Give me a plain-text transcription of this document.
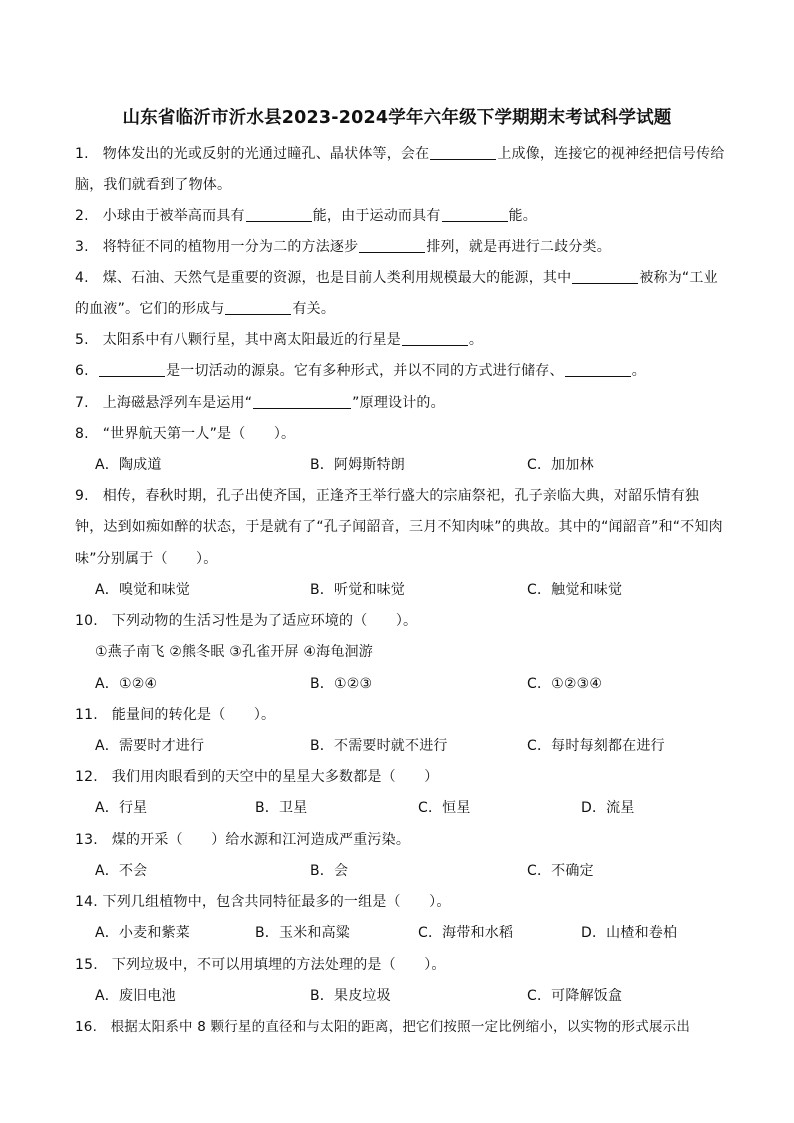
山东省临沂市沂水县2023-2024学年六年级下学期期末考试科学试题
1. 物体发出的光或反射的光通过瞳孔、晶状体等，会在	上成像，连接它的视神经把信号传给
脑，我们就看到了物体。
2. 小球由于被举高而具有	能，由于运动而具有	能。
3. 将特征不同的植物用一分为二的方法逐步	排列，就是再进行二歧分类。
4. 煤、石油、天然气是重要的资源，也是目前人类利用规模最大的能源，其中	被称为“工业
的血液”。它们的形成与	有关。
5. 太阳系中有八颗行星，其中离太阳最近的行星是	。
6.	是一切活动的源泉。它有多种形式，并以不同的方式进行储存、	。
7. 上海磁悬浮列车是运用“	”原理设计的。
8. “世界航天第一人”是（　　）。
A．陶成道	B．阿姆斯特朗	C．加加林
9. 相传，春秋时期，孔子出使齐国，正逢齐王举行盛大的宗庙祭祀，孔子亲临大典，对韶乐情有独
钟，达到如痴如醉的状态，于是就有了“孔子闻韶音，三月不知肉味”的典故。其中的“闻韶音”和“不知肉
味”分别属于（　　）。
A．嗅觉和味觉	B．听觉和味觉	C．触觉和味觉
10. 下列动物的生活习性是为了适应环境的（　　）。
①燕子南飞 ②熊冬眠 ③孔雀开屏 ④海龟洄游
A．①②④	B．①②③	C．①②③④
11. 能量间的转化是（　　）。
A．需要时才进行	B．不需要时就不进行	C．每时每刻都在进行
12. 我们用肉眼看到的天空中的星星大多数都是（　　）
A．行星	B．卫星	C．恒星	D．流星
13. 煤的开采（　　）给水源和江河造成严重污染。
A．不会	B．会	C．不确定
14. 下列几组植物中，包含共同特征最多的一组是（　　）。
A．小麦和紫菜	B．玉米和高粱	C．海带和水稻	D．山楂和卷柏
15. 下列垃圾中，不可以用填埋的方法处理的是（　　）。
A．废旧电池	B．果皮垃圾	C．可降解饭盒
16. 根据太阳系中 8 颗行星的直径和与太阳的距离，把它们按照一定比例缩小，以实物的形式展示出
